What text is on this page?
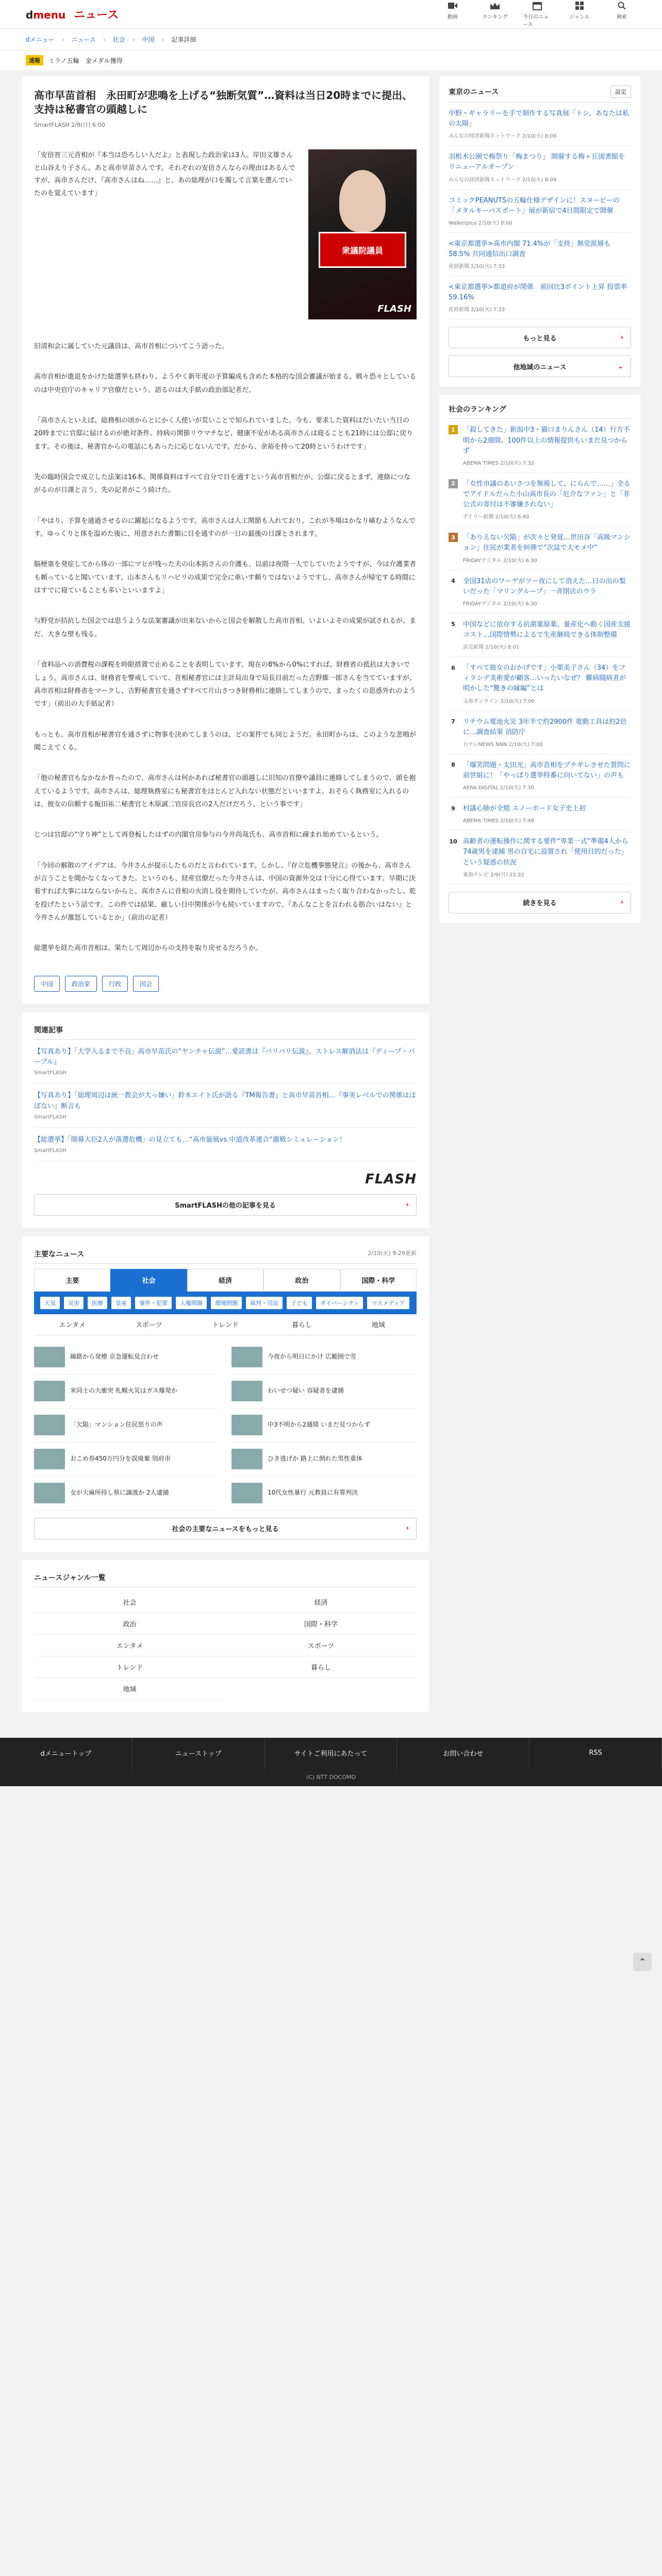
d menu ニュース	動画	ランキング	今日のニュース
ジャンル	検索
dメニュー › ニュース › 社会 › 中国 › 記事詳細
速報	ミラノ五輪　金メダル獲得
高市早苗首相　永田町が悲鳴を上げる“独断気質”…資料は当日20時までに提出、支持は秘書官の頭越しに
SmartFLASH 2/8(日) 6:00
「安倍晋三元首相が『本当は恐ろしい人だよ』と表現した政治家は3人。岸田文雄さんと山谷えり子さん。あと高市早苗さんです。それぞれの安倍さんならの理由はあるんですが、高市さんだけ、『高市さんはね……』と、あの総理が口を濁して言葉を選んでいたのを覚えています」
衆議院議員
FLASH

旧清和会に属していた元議員は、高市首相についてこう語った。

高市首相が進退をかけた総選挙も終わり、ようやく新年度の予算編成も含めた本格的な国会審議が始まる。戦々恐々としているのは中央官庁のキャリア官僚だという。語るのは大手紙の政治部記者だ。

「高市さんといえば、総務相の頃からとにかく人使いが荒いことで知られていました。今も、要求した資料はだいたい当日の20時までに官邸に届けるのが絶対条件。持病の関節リウマチなど、健康不安がある高市さんは寝ることも21時には公邸に戻ります。その後は、秘書官からの電話にもあったに応じないんです。だから、余裕を持って20時というわけです」

先の臨時国会で成立した法案は16本。関係資料はすべて自分で目を通すという高市首相だが、公邸に戻るとまず、連絡につながるのが日課と言う。先の記者がこう続けた。

「やはり、予算を通過させるのに躍起になるようです。高市さんは人工関節も入れており、これが冬場はかなり痛むようなんです。ゆっくりと体を温めた後に、用意された書類に目を通すのが一日の最後の日課とされます。

脳梗塞を発症してから体の一部にマヒが残った夫の山本拓さんの介護も、以前は夜間一人でしていたようですが、今は介護業者も頼っていると聞いています。山本さんもリハビリの成果で完全に車いす頼りではないようですし、高市さんが帰宅する時間にはすでに寝ていることも多いといいますよ」

与野党が拮抗した国会では思うような法案審議が出来ないからと国会を解散した高市首相。いよいよその成果が試されるが、まだ、大きな壁も残る。

「食料品への消費税の課税を時限措置で止めることを表明しています。現在の8%から0%にすれば、財務省の抵抗は大きいでしょう。高市さんは、財務省を警戒していて、首相秘書官には主計局出身で局長目前だった吉野維一郎さんを当てていますが、高市首相は財務省をマークし、吉野秘書官を通さずすべて片山さつき財務相に連絡してしまうので、まったくの思惑外れのようです」（前出の大手紙記者）

もっとも、高市首相が秘書官を通さずに物事を決めてしまうのは、どの案件でも同じようだ。永田町からは、このような悲鳴が聞こえてくる。

「他の秘書官もなかなか育ったので、高市さんは何かあれば秘書官の頭越しに旧知の官僚や議員に連絡してしまうので、頭を抱えているようです。高市さんは、総理執務室にも秘書官をほとんど入れない状態だといいますよ。おそらく執務室に入れるのは、彼女の信頼する飯田祐二秘書官と木原誠二官房長官の2人だけだろう、という事です」

じつは官邸の“守り神”として再登板したはずの内閣官房参与の今井尚哉氏も、高市首相に疎まれ始めているという。

「今回の解散のアイデアは、今井さんが提示したものだと言われています。しかし、『存立危機事態発言』の後から、高市さんが言うことを聞かなくなってきた。というのも、経産官僚だった今井さんは、中国の資源外交は十分に心得ています。早期に決着すれば大事にはならないからと、高市さんに首相の火消し役を期待していたが、高市さんはまったく取り合わなかったし、乾を投げたという話です。この件では結果、厳しい日中関係が今も続いていますので、『あんなことを言われる筋合いはない』と今井さんが激怒しているとか」（前出の記者）

総選挙を経た高市首相は、果たして周辺からの支持を取り戻せるだろうか。

中国	政治家	行政	国会
関連記事
【写真あり】「大学入るまで不良」高市早苗氏の“ヤンチャ伝説”…愛読書は『バリバリ伝説』、ストレス解消法は『ディープ・パープル』
SmartFLASH
【写真あり】「総理周辺は統一教会が大っ嫌い」鈴木エイト氏が語る『TM報告書』と高市早苗首相…『事実レベルでの関係はほぼない』断言も
SmartFLASH
【総選挙】「開幕大臣2人が落選危機」の見立ても…“高市旋風vs.中道改革連合”激戦シミュレーション！
SmartFLASH
FLASH
SmartFLASHの他の記事を見る	›
主要なニュース	2/10(火) 9:29更新
主要	社会	経済	政治	国際・科学
天気	災害	医療	皇室	事件・犯罪	人権問題	環境問題	裁判・司法	子ども	ダイバーシティ	マスメディア
エンタメ	スポーツ	トレンド	暮らし	地域
線路から発煙 京急運転見合わせ	今夜から明日にかけ 広範囲で雪
米同士の大衝突 札幌火災はガス爆発か	わいせつ疑い 容疑者を逮捕
「欠陥」マンション住民怒りの声	中3不明から2週間 いまだ見つからず
おこめ券450万円分を誤廃棄 別府市	ひき逃げか 路上に倒れた男性重体
女が大麻所持し県に譲渡か 2人逮捕	10代女性暴行 元教員に有罪判決
社会の主要なニュースをもっと見る	›
ニュースジャンル一覧
社会	経済
政治	国際・科学
エンタメ	スポーツ
トレンド	暮らし
地域
東京のニュース	設定
中野・ギャラリーを手で制作する写真展「トシ、あなたは私の太陽」
みんなの経済新聞ネットワーク 2/10(火) 8:09
羽根木公園で梅祭り「梅まつり」 開催する梅ヶ丘図書館をリニューアルオープン
みんなの経済新聞ネットワーク 2/10(火) 8:09
コミックPEANUTSの五輪仕様デザインに！スヌーピーの「メタルキーパスポート」展が新宿で4日間限定で開催
Walkerplus 2/10(火) 8:00
<東京都選挙>高市内閣 71.4%が「支持」無党派層も58.5% 共同通信出口調査
産経新聞 2/10(火) 7:33
<東京都選挙>都道府が関係　前回比3ポイント上昇 投票率59.16%
産経新聞 2/10(火) 7:33
もっと見る	›
他地域のニュース	⌄
社会のランキング
1	「殺してきた」新潟中3・猫口まりんさん（14）行方不明から2週間、100件以上の情報提供もいまだ見つからず
ABEMA TIMES 2/10(火) 7:32
2	「女性市議のあいさつを無視して、にらんで……」全るでアイドルだった小山高市長の「厄介なファン」と「非公式の寄付は不審嫌されない」
デイリー新潮 2/10(火) 6:40
3	「ありえない欠陥」が次々と発覚…世田谷「高級マンション」住民が業者を糾弾で“次誌で大モメ中”
FRIDAYデジタル 2/10(火) 6:30
4	全国31店のワーゲがツー夜にして消えた…日の出の梨いだった「マリングループ」一斉閉店のウラ
FRIDAYデジタル 2/10(火) 6:30
5	中国などに依存する抗菌薬原薬、量産化へ動く国産支援コスト…国際情勢によるで生産継続できる体制整備
読売新聞 2/10(火) 8:01
6	「すべて彼女のおかげです」小栗美子さん（34）をフィラシデ美術愛が顧客…いったいなぜ？ 難病闘病者が明かした“驚きの縁編”とは
文春オンライン 2/10(火) 7:00
7	リチウム電池火災 3年半で約2900件 電動工具は約2倍に…調査結果 消防庁
日テレNEWS NNN 2/10(火) 7:00
8	「爆笑問題・太田光」高市首相をブチギレさせた質問に前世組に！「やっぱり選挙特番に向いてない」の声も
AERA DIGITAL 2/10(火) 7:30
9	村議心肺が全焼 スノーボード女子史上初
ABEMA TIMES 2/10(火) 7:48
10 高齢者の運転操作に関する要件“専業一式”準備4人から74歳男を逮捕 男の自宅に設置され「使用目的だった」という疑惑の状況
東海テレビ 2/9(月) 22:22
続きを見る	›
⌃
dメニュートップ	ニューストップ	サイトご利用にあたって	お問い合わせ	RSS
(C) NTT DOCOMO
